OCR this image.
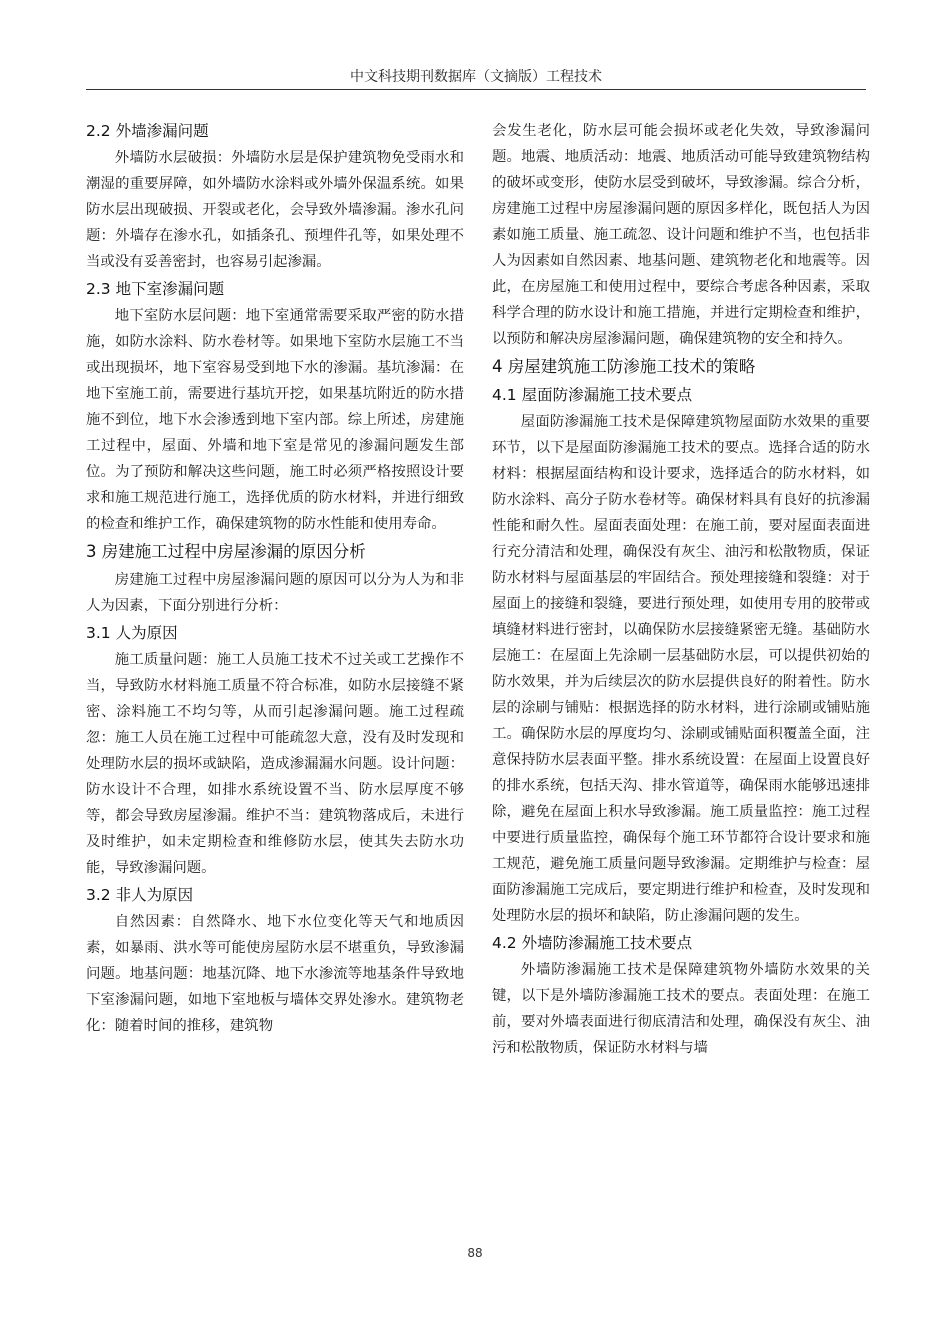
中文科技期刊数据库（文摘版）工程技术
2.2 外墙渗漏问题

外墙防水层破损：外墙防水层是保护建筑物免受雨水和潮湿的重要屏障，如外墙防水涂料或外墙外保温系统。如果防水层出现破损、开裂或老化，会导致外墙渗漏。渗水孔问题：外墙存在渗水孔，如插条孔、预埋件孔等，如果处理不当或没有妥善密封，也容易引起渗漏。

2.3 地下室渗漏问题

地下室防水层问题：地下室通常需要采取严密的防水措施，如防水涂料、防水卷材等。如果地下室防水层施工不当或出现损坏，地下室容易受到地下水的渗漏。基坑渗漏：在地下室施工前，需要进行基坑开挖，如果基坑附近的防水措施不到位，地下水会渗透到地下室内部。综上所述，房建施工过程中，屋面、外墙和地下室是常见的渗漏问题发生部位。为了预防和解决这些问题，施工时必须严格按照设计要求和施工规范进行施工，选择优质的防水材料，并进行细致的检查和维护工作，确保建筑物的防水性能和使用寿命。

3 房建施工过程中房屋渗漏的原因分析

房建施工过程中房屋渗漏问题的原因可以分为人为和非人为因素，下面分别进行分析：

3.1 人为原因

施工质量问题：施工人员施工技术不过关或工艺操作不当，导致防水材料施工质量不符合标准，如防水层接缝不紧密、涂料施工不均匀等，从而引起渗漏问题。施工过程疏忽：施工人员在施工过程中可能疏忽大意，没有及时发现和处理防水层的损坏或缺陷，造成渗漏漏水问题。设计问题：防水设计不合理，如排水系统设置不当、防水层厚度不够等，都会导致房屋渗漏。维护不当：建筑物落成后，未进行及时维护，如未定期检查和维修防水层，使其失去防水功能，导致渗漏问题。

3.2 非人为原因

自然因素：自然降水、地下水位变化等天气和地质因素，如暴雨、洪水等可能使房屋防水层不堪重负，导致渗漏问题。地基问题：地基沉降、地下水渗流等地基条件导致地下室渗漏问题，如地下室地板与墙体交界处渗水。建筑物老化：随着时间的推移，建筑物

会发生老化，防水层可能会损坏或老化失效，导致渗漏问题。地震、地质活动：地震、地质活动可能导致建筑物结构的破坏或变形，使防水层受到破坏，导致渗漏。综合分析，房建施工过程中房屋渗漏问题的原因多样化，既包括人为因素如施工质量、施工疏忽、设计问题和维护不当，也包括非人为因素如自然因素、地基问题、建筑物老化和地震等。因此，在房屋施工和使用过程中，要综合考虑各种因素，采取科学合理的防水设计和施工措施，并进行定期检查和维护，以预防和解决房屋渗漏问题，确保建筑物的安全和持久。

4 房屋建筑施工防渗施工技术的策略
4.1 屋面防渗漏施工技术要点

屋面防渗漏施工技术是保障建筑物屋面防水效果的重要环节，以下是屋面防渗漏施工技术的要点。选择合适的防水材料：根据屋面结构和设计要求，选择适合的防水材料，如防水涂料、高分子防水卷材等。确保材料具有良好的抗渗漏性能和耐久性。屋面表面处理：在施工前，要对屋面表面进行充分清洁和处理，确保没有灰尘、油污和松散物质，保证防水材料与屋面基层的牢固结合。预处理接缝和裂缝：对于屋面上的接缝和裂缝，要进行预处理，如使用专用的胶带或填缝材料进行密封，以确保防水层接缝紧密无缝。基础防水层施工：在屋面上先涂刷一层基础防水层，可以提供初始的防水效果，并为后续层次的防水层提供良好的附着性。防水层的涂刷与铺贴：根据选择的防水材料，进行涂刷或铺贴施工。确保防水层的厚度均匀、涂刷或铺贴面积覆盖全面，注意保持防水层表面平整。排水系统设置：在屋面上设置良好的排水系统，包括天沟、排水管道等，确保雨水能够迅速排除，避免在屋面上积水导致渗漏。施工质量监控：施工过程中要进行质量监控，确保每个施工环节都符合设计要求和施工规范，避免施工质量问题导致渗漏。定期维护与检查：屋面防渗漏施工完成后，要定期进行维护和检查，及时发现和处理防水层的损坏和缺陷，防止渗漏问题的发生。

4.2 外墙防渗漏施工技术要点

外墙防渗漏施工技术是保障建筑物外墙防水效果的关键，以下是外墙防渗漏施工技术的要点。表面处理：在施工前，要对外墙表面进行彻底清洁和处理，确保没有灰尘、油污和松散物质，保证防水材料与墙

88
